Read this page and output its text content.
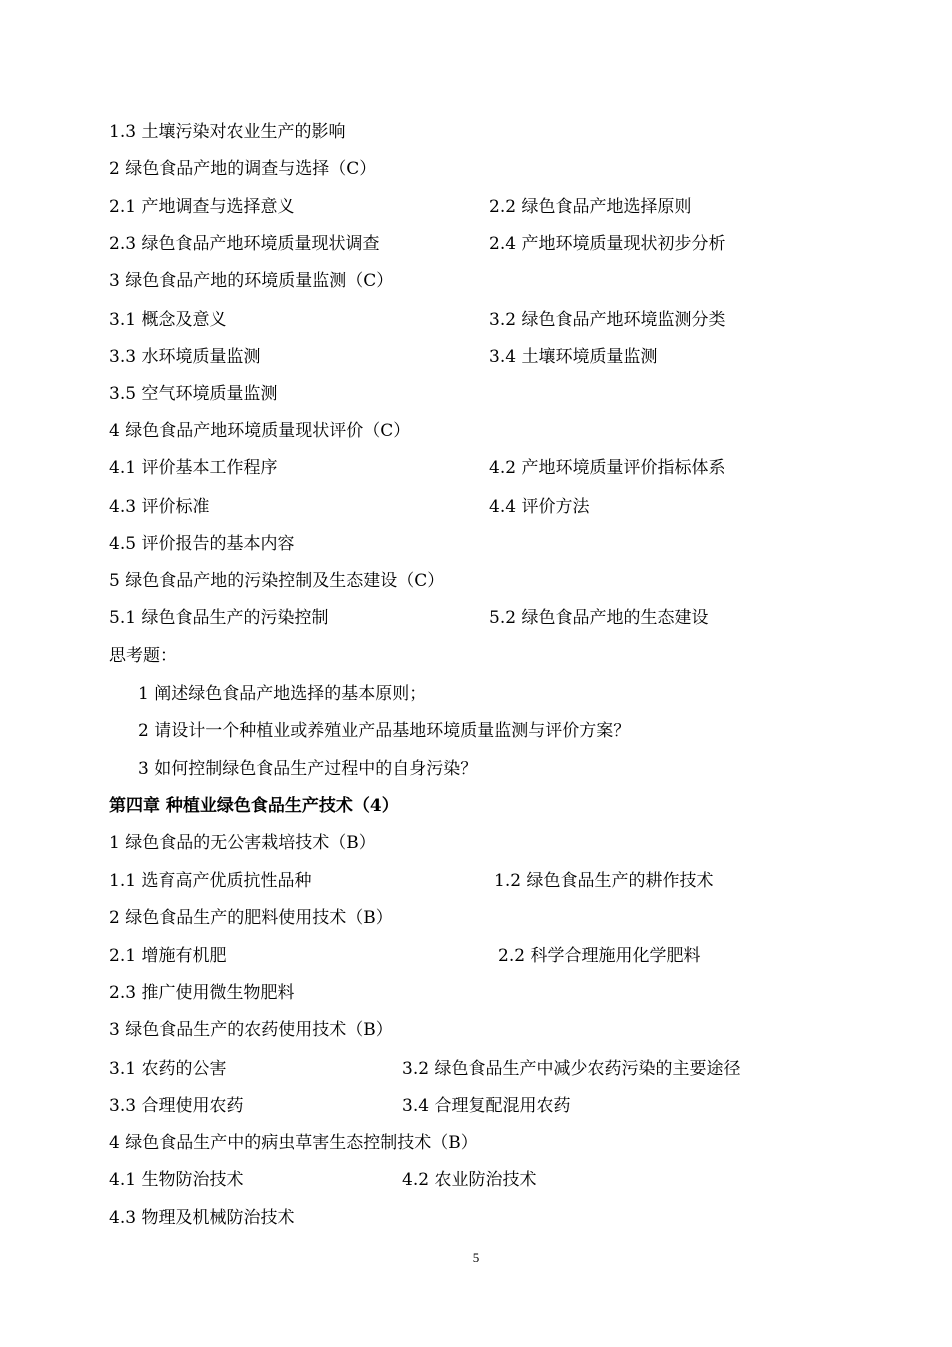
1.3 土壤污染对农业生产的影响
2 绿色食品产地的调查与选择（C）
2.1 产地调查与选择意义	2.2 绿色食品产地选择原则
2.3 绿色食品产地环境质量现状调查	2.4 产地环境质量现状初步分析
3 绿色食品产地的环境质量监测（C）
3.1 概念及意义	3.2 绿色食品产地环境监测分类
3.3 水环境质量监测	3.4 土壤环境质量监测
3.5 空气环境质量监测
4 绿色食品产地环境质量现状评价（C）
4.1 评价基本工作程序	4.2 产地环境质量评价指标体系
4.3 评价标准	4.4 评价方法
4.5 评价报告的基本内容
5 绿色食品产地的污染控制及生态建设（C）
5.1 绿色食品生产的污染控制	5.2 绿色食品产地的生态建设
思考题：
1 阐述绿色食品产地选择的基本原则；
2 请设计一个种植业或养殖业产品基地环境质量监测与评价方案？
3 如何控制绿色食品生产过程中的自身污染？
第四章 种植业绿色食品生产技术（4）
1 绿色食品的无公害栽培技术（B）
1.1 选育高产优质抗性品种	1.2 绿色食品生产的耕作技术
2 绿色食品生产的肥料使用技术（B）
2.1 增施有机肥	2.2 科学合理施用化学肥料
2.3 推广使用微生物肥料
3 绿色食品生产的农药使用技术（B）
3.1 农药的公害	3.2 绿色食品生产中减少农药污染的主要途径
3.3 合理使用农药	3.4 合理复配混用农药
4 绿色食品生产中的病虫草害生态控制技术（B）
4.1 生物防治技术	4.2 农业防治技术
4.3 物理及机械防治技术
5
